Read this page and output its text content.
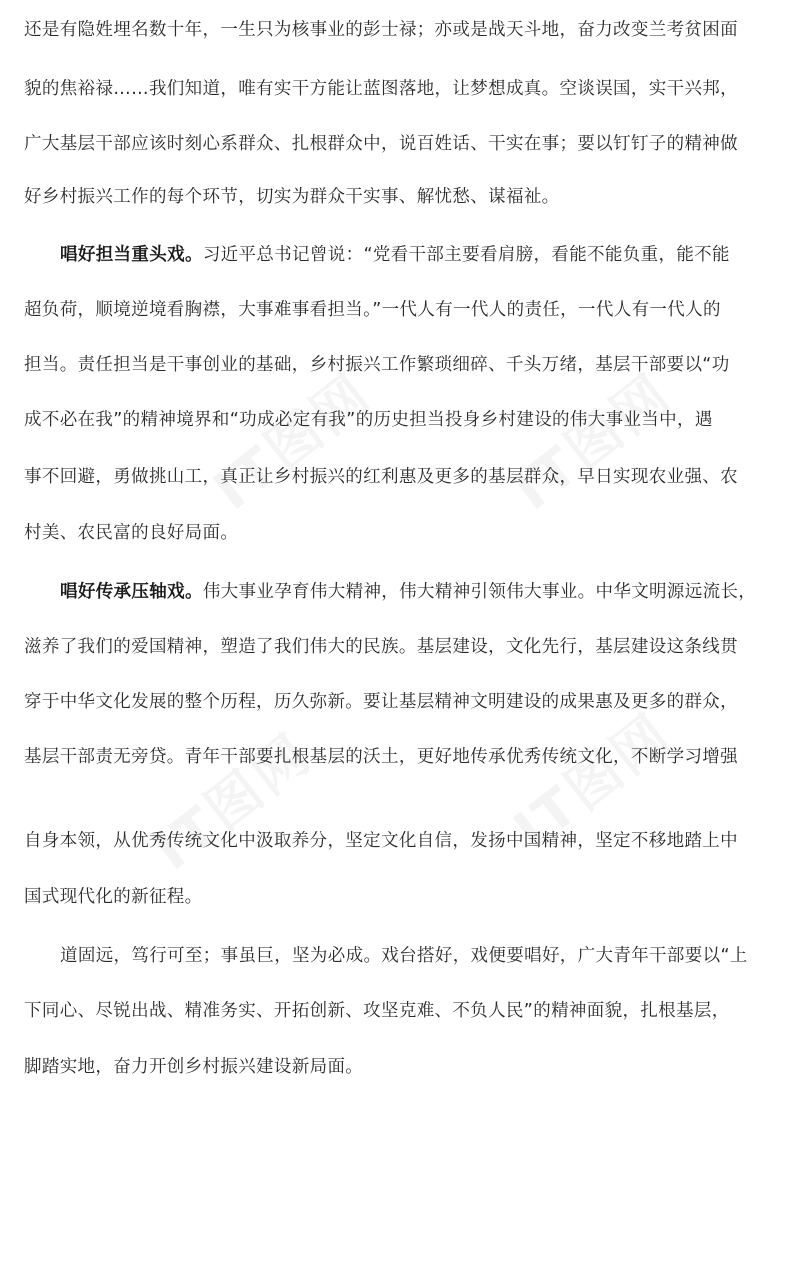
还是有隐姓埋名数十年，一生只为核事业的彭士禄；亦或是战天斗地，奋力改变兰考贫困面
貌的焦裕禄……我们知道，唯有实干方能让蓝图落地，让梦想成真。空谈误国，实干兴邦，
广大基层干部应该时刻心系群众、扎根群众中，说百姓话、干实在事；要以钉钉子的精神做
好乡村振兴工作的每个环节，切实为群众干实事、解忧愁、谋福祉。
唱好担当重头戏。习近平总书记曾说：“党看干部主要看肩膀，看能不能负重，能不能
超负荷，顺境逆境看胸襟，大事难事看担当。”一代人有一代人的责任，一代人有一代人的
担当。责任担当是干事创业的基础，乡村振兴工作繁琐细碎、千头万绪，基层干部要以“功
成不必在我”的精神境界和“功成必定有我”的历史担当投身乡村建设的伟大事业当中，遇
事不回避，勇做挑山工，真正让乡村振兴的红利惠及更多的基层群众，早日实现农业强、农
村美、农民富的良好局面。
唱好传承压轴戏。伟大事业孕育伟大精神，伟大精神引领伟大事业。中华文明源远流长，
滋养了我们的爱国精神，塑造了我们伟大的民族。基层建设，文化先行，基层建设这条线贯
穿于中华文化发展的整个历程，历久弥新。要让基层精神文明建设的成果惠及更多的群众，
基层干部责无旁贷。青年干部要扎根基层的沃土，更好地传承优秀传统文化，不断学习增强
自身本领，从优秀传统文化中汲取养分，坚定文化自信，发扬中国精神，坚定不移地踏上中
国式现代化的新征程。
道固远，笃行可至；事虽巨，坚为必成。戏台搭好，戏便要唱好，广大青年干部要以“上
下同心、尽锐出战、精准务实、开拓创新、攻坚克难、不负人民”的精神面貌，扎根基层，
脚踏实地，奋力开创乡村振兴建设新局面。
